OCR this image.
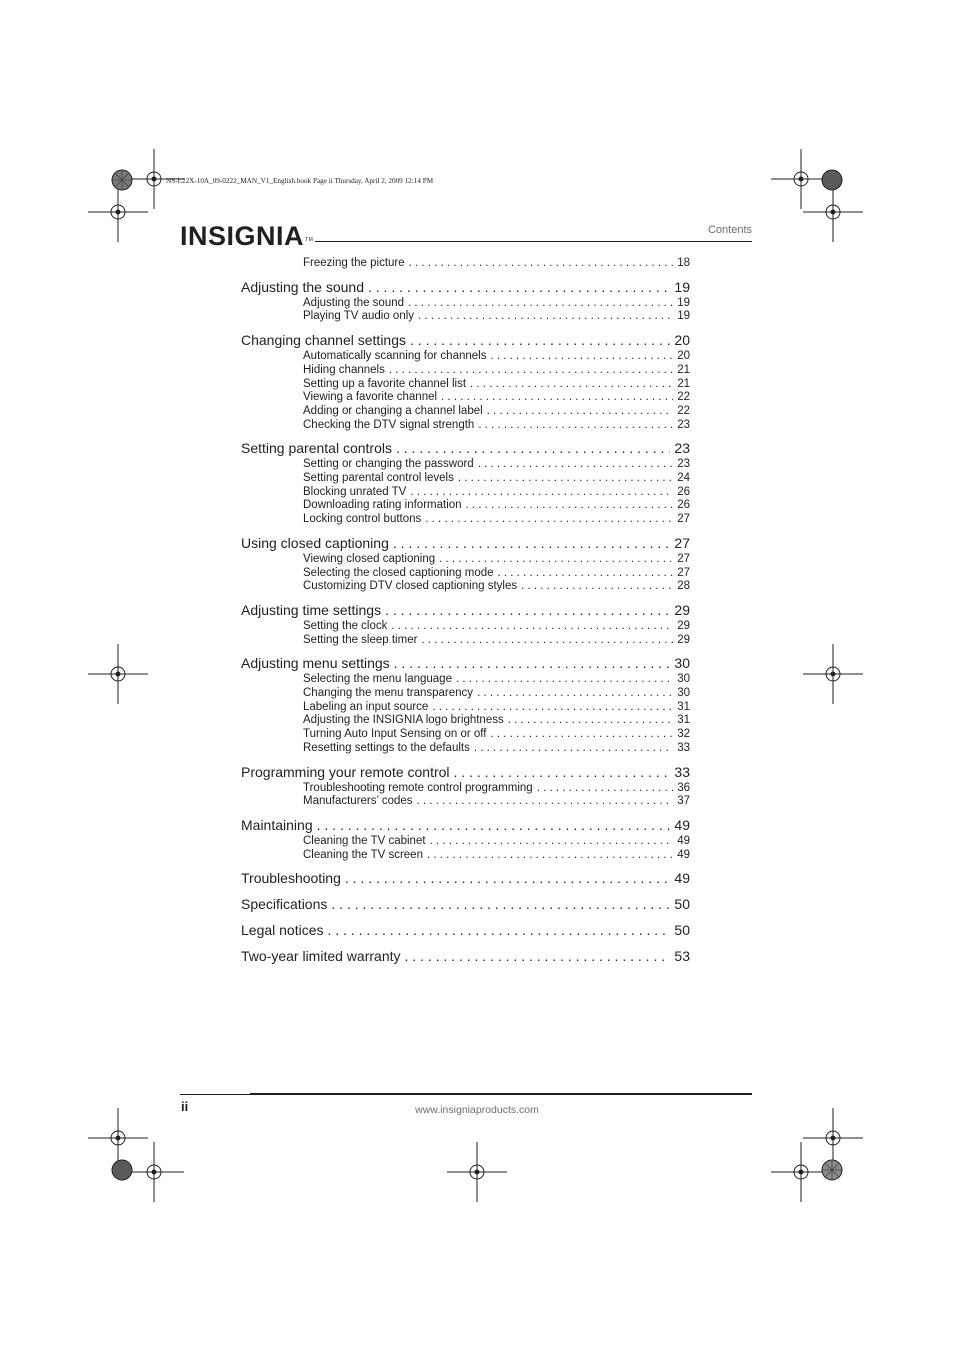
NS-L22X-10A_09-0222_MAN_V1_English.book Page ii Thursday, April 2, 2009 12:14 PM
INSIGNIA™
Contents
Freezing the picture . . .	18
Adjusting the sound . . .	19
Adjusting the sound . . .	19
Playing TV audio only . . .	19
Changing channel settings . . .	20
Automatically scanning for channels . . .	20
Hiding channels . . .	21
Setting up a favorite channel list . . .	21
Viewing a favorite channel . . .	22
Adding or changing a channel label . . .	22
Checking the DTV signal strength . . .	23
Setting parental controls . . .	23
Setting or changing the password . . .	23
Setting parental control levels . . .	24
Blocking unrated TV . . .	26
Downloading rating information . . .	26
Locking control buttons . . .	27
Using closed captioning . . .	27
Viewing closed captioning . . .	27
Selecting the closed captioning mode . . .	27
Customizing DTV closed captioning styles . . .	28
Adjusting time settings . . .	29
Setting the clock . . .	29
Setting the sleep timer . . .	29
Adjusting menu settings . . .	30
Selecting the menu language . . .	30
Changing the menu transparency . . .	30
Labeling an input source . . .	31
Adjusting the INSIGNIA logo brightness . . .	31
Turning Auto Input Sensing on or off . . .	32
Resetting settings to the defaults . . .	33
Programming your remote control . . .	33
Troubleshooting remote control programming . . .	36
Manufacturers’ codes . . .	37
Maintaining . . .	49
Cleaning the TV cabinet . . .	49
Cleaning the TV screen . . .	49
Troubleshooting . . .	49
Specifications . . .	50
Legal notices . . .	50
Two-year limited warranty . . .	53
ii	www.insigniaproducts.com
